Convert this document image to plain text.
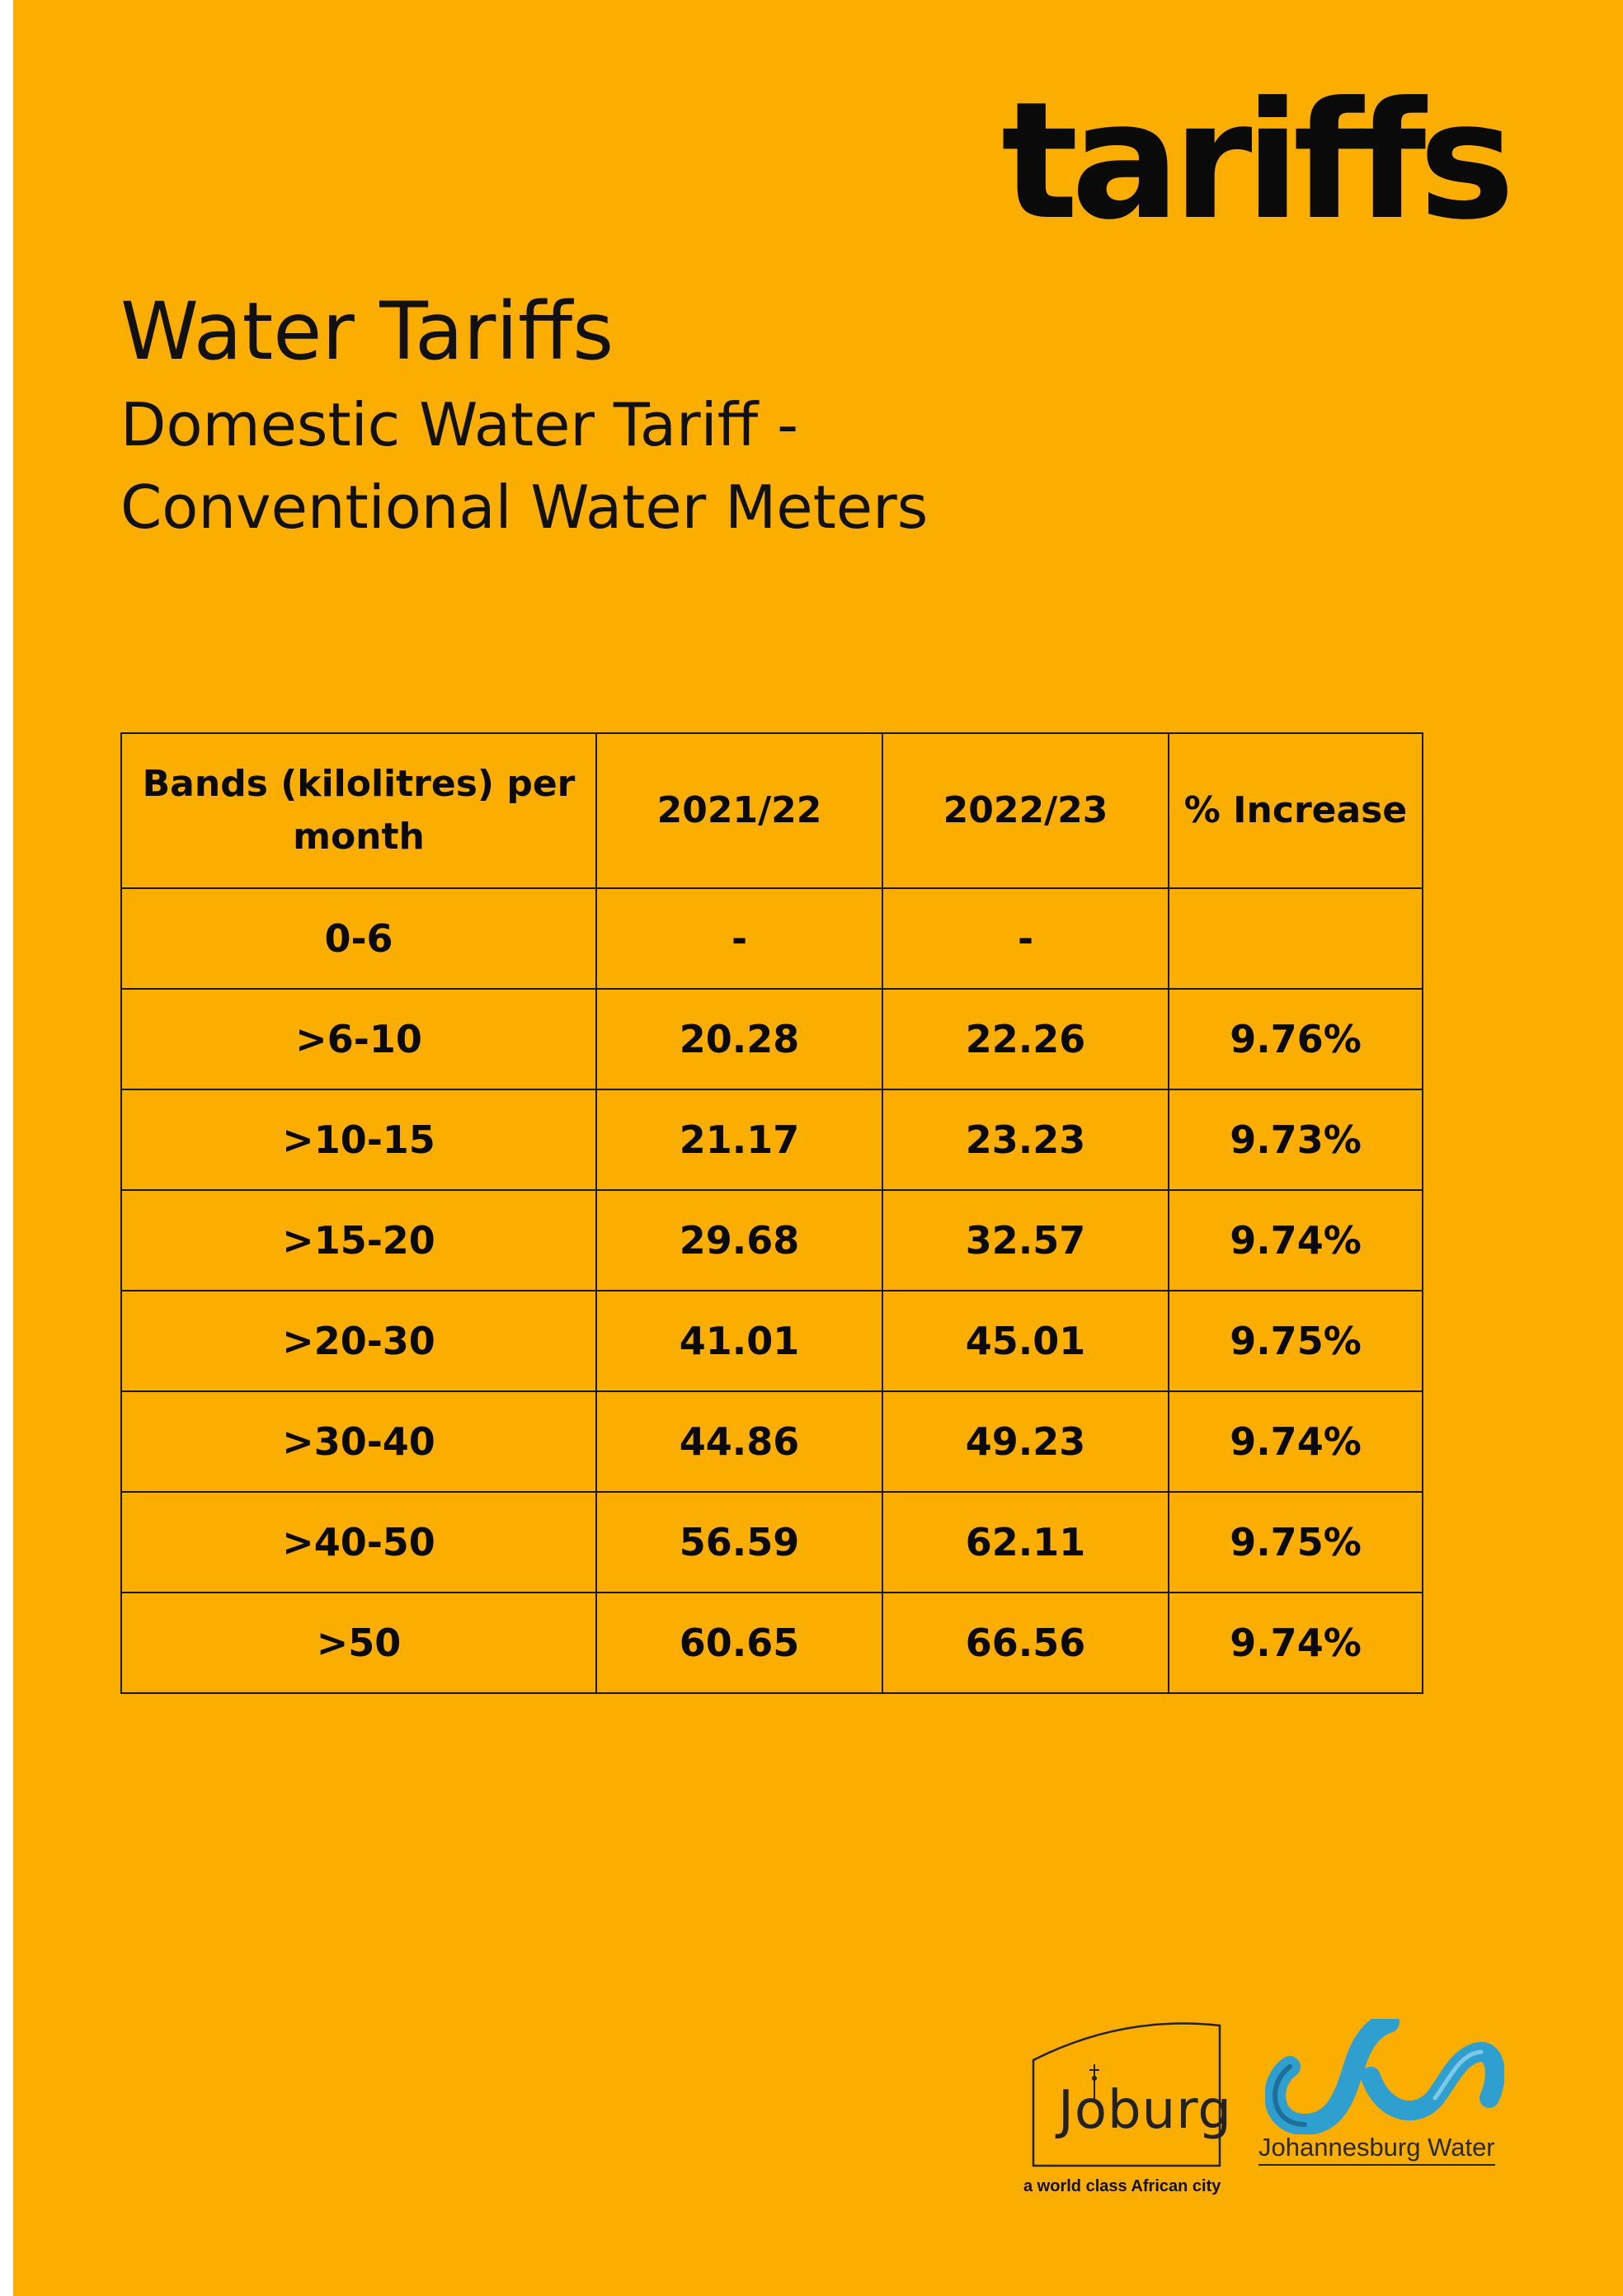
tariffs
Water Tariffs
Domestic Water Tariff -
Conventional Water Meters
Bands (kilolitres) per month	2021/22	2022/23	% Increase
0-6	-	-	
>6-10	20.28	22.26	9.76%
>10-15	21.17	23.23	9.73%
>15-20	29.68	32.57	9.74%
>20-30	41.01	45.01	9.75%
>30-40	44.86	49.23	9.74%
>40-50	56.59	62.11	9.75%
>50	60.65	66.56	9.74%
Joburg
a world class African city
Johannesburg Water
